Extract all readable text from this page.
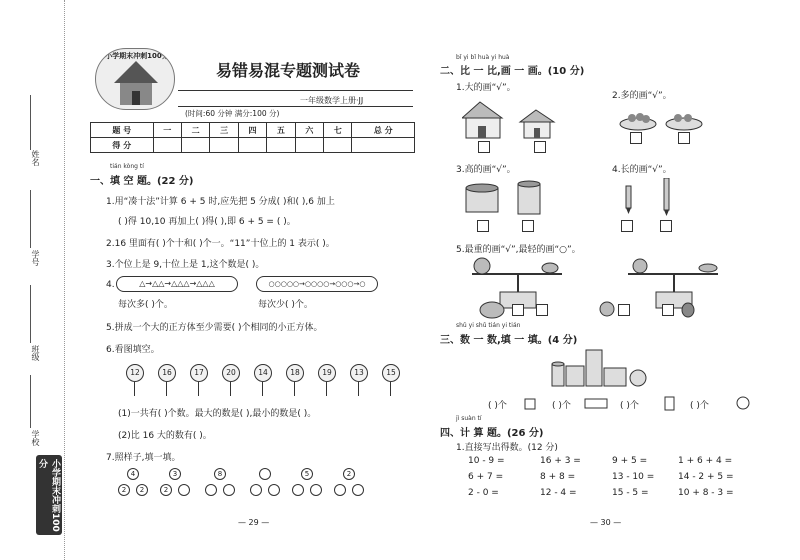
姓名
学号
班级
学校
小学期末冲刺100分
小学期末冲刺100分
易错易混专题测试卷
一年级数学上册·JJ
(时间:60 分钟 满分:100 分)
题 号	一	二	三	四	五	六	七	总 分
得 分								
tián kòng tí
一、填 空 题。(22 分)
1.用“凑十法”计算 6 + 5 时,应先把 5 分成( )和( ),6 加上
( )得 10,10 再加上( )得( ),即 6 + 5 = ( )。
2.16 里面有( )个十和( )个一。“11”十位上的 1 表示( )。
3.个位上是 9,十位上是 1,这个数是( )。
4.	△→△△→△△△→△△△
每次多( )个。
○○○○○→○○○○→○○○→○
每次少( )个。
5.拼成一个大的正方体至少需要( )个相同的小正方体。
6.看图填空。
12	16	17	20	14	18	19	13	15
(1)一共有( )个数。最大的数是( ),最小的数是( )。
(2)比 16 大的数有( )。
7.照样子,填一填。
4
2	2
3
2
8	5	2
— 29 —
bǐ yi bǐ huà yi huà
二、比 一 比,画 一 画。(10 分)
1.大的画“√”。
2.多的画“√”。
3.高的画“√”。	4.长的画“√”。
5.最重的画“√”,最轻的画“○”。
shǔ yi shǔ tián yi tián
三、数 一 数,填 一 填。(4 分)
( )个	( )个	( )个	( )个
jì suàn tí
四、计 算 题。(26 分)
1.直接写出得数。(12 分)
10 - 9 =	16 + 3 =	9 + 5 =	1 + 6 + 4 =
6 + 7 =	8 + 8 =	13 - 10 =	14 - 2 + 5 =
2 - 0 =	12 - 4 =	15 - 5 =	10 + 8 - 3 =
— 30 —
